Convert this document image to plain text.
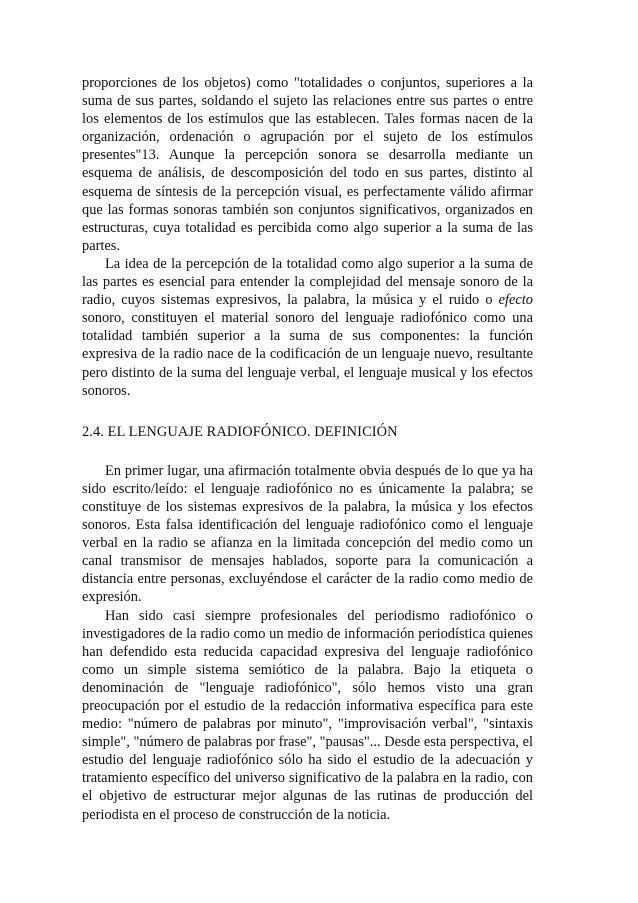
proporciones de los objetos) como "totalidades o conjuntos, superiores a la suma de sus partes, soldando el sujeto las relaciones entre sus partes o entre los elementos de los estímulos que las establecen. Tales formas nacen de la organización, ordenación o agrupación por el sujeto de los estímulos presentes"13. Aunque la percepción sonora se desarrolla mediante un esquema de análisis, de descomposición del todo en sus partes, distinto al esquema de síntesis de la percepción visual, es perfectamente válido afirmar que las formas sonoras también son conjuntos significativos, organizados en estructuras, cuya totalidad es percibida como algo superior a la suma de las partes.

La idea de la percepción de la totalidad como algo superior a la suma de las partes es esencial para entender la complejidad del mensaje sonoro de la radio, cuyos sistemas expresivos, la palabra, la música y el ruido o efecto sonoro, constituyen el material sonoro del lenguaje radiofónico como una totalidad también superior a la suma de sus componentes: la función expresiva de la radio nace de la codificación de un lenguaje nuevo, resultante pero distinto de la suma del lenguaje verbal, el lenguaje musical y los efectos sonoros.

2.4. EL LENGUAJE RADIOFÓNICO. DEFINICIÓN

En primer lugar, una afirmación totalmente obvia después de lo que ya ha sido escrito/leído: el lenguaje radiofónico no es únicamente la palabra; se constituye de los sistemas expresivos de la palabra, la música y los efectos sonoros. Esta falsa identificación del lenguaje radiofónico como el lenguaje verbal en la radio se afianza en la limitada concepción del medio como un canal transmisor de mensajes hablados, soporte para la comunicación a distancia entre personas, excluyéndose el carácter de la radio como medio de expresión.

Han sido casi siempre profesionales del periodismo radiofónico o investigadores de la radio como un medio de información periodística quienes han defendido esta reducida capacidad expresiva del lenguaje radiofónico como un simple sistema semiótico de la palabra. Bajo la etiqueta o denominación de "lenguaje radiofónico", sólo hemos visto una gran preocupación por el estudio de la redacción informativa específica para este medio: "número de palabras por minuto", "improvisación verbal", "sintaxis simple", "número de palabras por frase", "pausas"... Desde esta perspectiva, el estudio del lenguaje radiofónico sólo ha sido el estudio de la adecuación y tratamiento específico del universo significativo de la palabra en la radio, con el objetivo de estructurar mejor algunas de las rutinas de producción del periodista en el proceso de construcción de la noticia.
